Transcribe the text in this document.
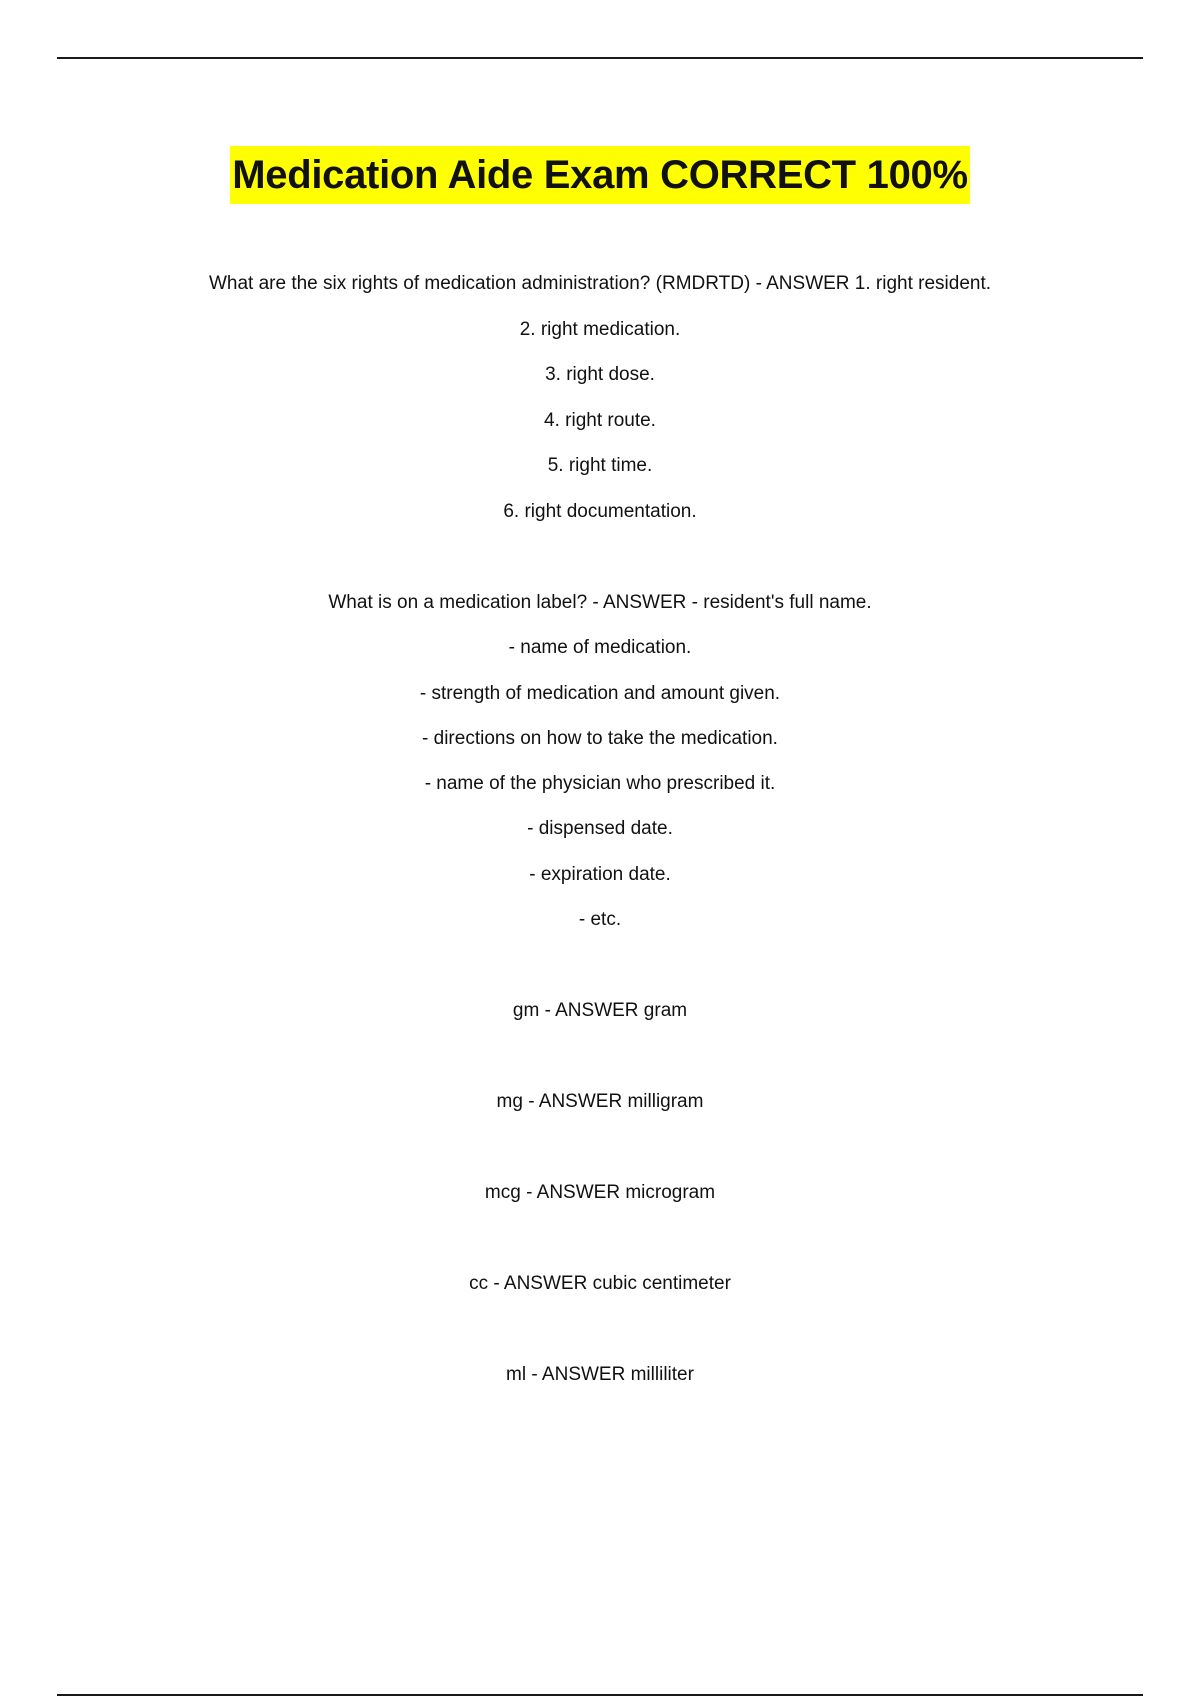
Medication Aide Exam CORRECT 100%
What are the six rights of medication administration? (RMDRTD) - ANSWER 1. right resident.
2. right medication.
3. right dose.
4. right route.
5. right time.
6. right documentation.
What is on a medication label? - ANSWER - resident's full name.
- name of medication.
- strength of medication and amount given.
- directions on how to take the medication.
- name of the physician who prescribed it.
- dispensed date.
- expiration date.
- etc.
gm - ANSWER gram
mg - ANSWER milligram
mcg - ANSWER microgram
cc - ANSWER cubic centimeter
ml - ANSWER milliliter
